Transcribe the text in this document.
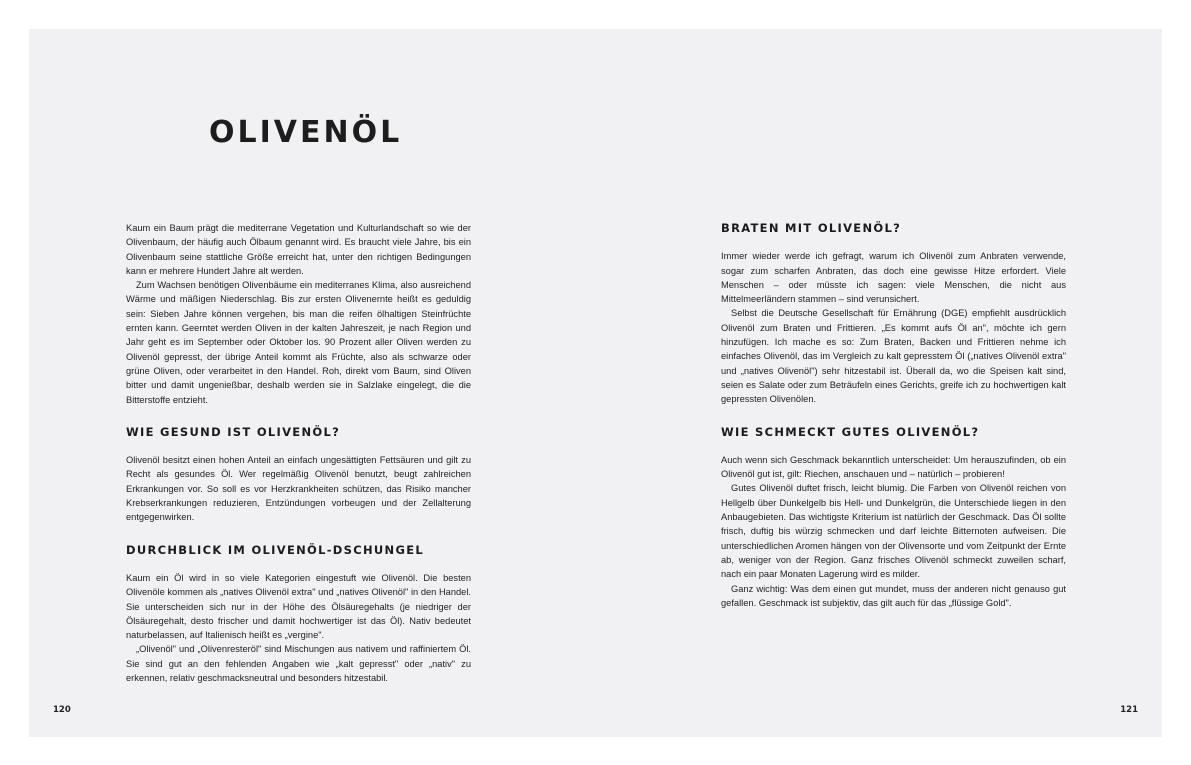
OLIVENÖL

Kaum ein Baum prägt die mediterrane Vegetation und Kulturlandschaft so wie der Olivenbaum, der häufig auch Ölbaum genannt wird. Es braucht viele Jahre, bis ein Olivenbaum seine stattliche Größe erreicht hat, unter den richtigen Bedingungen kann er mehrere Hundert Jahre alt werden.

Zum Wachsen benötigen Olivenbäume ein mediterranes Klima, also ausreichend Wärme und mäßigen Niederschlag. Bis zur ersten Olivenernte heißt es geduldig sein: Sieben Jahre können vergehen, bis man die reifen ölhaltigen Steinfrüchte ernten kann. Geerntet werden Oliven in der kalten Jahreszeit, je nach Region und Jahr geht es im September oder Oktober los. 90 Prozent aller Oliven werden zu Olivenöl gepresst, der übrige Anteil kommt als Früchte, also als schwarze oder grüne Oliven, oder verarbeitet in den Handel. Roh, direkt vom Baum, sind Oliven bitter und damit ungenießbar, deshalb werden sie in Salzlake eingelegt, die die Bitterstoffe entzieht.

WIE GESUND IST OLIVENÖL?

Olivenöl besitzt einen hohen Anteil an einfach ungesättigten Fettsäuren und gilt zu Recht als gesundes Öl. Wer regelmäßig Olivenöl benutzt, beugt zahlreichen Erkrankungen vor. So soll es vor Herzkrankheiten schützen, das Risiko mancher Krebserkrankungen reduzieren, Entzündungen vorbeugen und der Zellalterung entgegenwirken.

DURCHBLICK IM OLIVENÖL-DSCHUNGEL

Kaum ein Öl wird in so viele Kategorien eingestuft wie Olivenöl. Die besten Olivenöle kommen als „natives Olivenöl extra" und „natives Olivenöl" in den Handel. Sie unterscheiden sich nur in der Höhe des Ölsäuregehalts (je niedriger der Ölsäuregehalt, desto frischer und damit hochwertiger ist das Öl). Nativ bedeutet naturbelassen, auf Italienisch heißt es „vergine".

„Olivenöl" und „Olivenresteröl" sind Mischungen aus nativem und raffiniertem Öl. Sie sind gut an den fehlenden Angaben wie „kalt gepresst" oder „nativ" zu erkennen, relativ geschmacksneutral und besonders hitzestabil.

BRATEN MIT OLIVENÖL?

Immer wieder werde ich gefragt, warum ich Olivenöl zum Anbraten verwende, sogar zum scharfen Anbraten, das doch eine gewisse Hitze erfordert. Viele Menschen – oder müsste ich sagen: viele Menschen, die nicht aus Mittelmeerländern stammen – sind verunsichert.

Selbst die Deutsche Gesellschaft für Ernährung (DGE) empfiehlt ausdrücklich Olivenöl zum Braten und Frittieren. „Es kommt aufs Öl an", möchte ich gern hinzufügen. Ich mache es so: Zum Braten, Backen und Frittieren nehme ich einfaches Olivenöl, das im Vergleich zu kalt gepresstem Öl („natives Olivenöl extra" und „natives Olivenöl") sehr hitzestabil ist. Überall da, wo die Speisen kalt sind, seien es Salate oder zum Beträufeln eines Gerichts, greife ich zu hochwertigen kalt gepressten Olivenölen.

WIE SCHMECKT GUTES OLIVENÖL?

Auch wenn sich Geschmack bekanntlich unterscheidet: Um herauszufinden, ob ein Olivenöl gut ist, gilt: Riechen, anschauen und – natürlich – probieren!

Gutes Olivenöl duftet frisch, leicht blumig. Die Farben von Olivenöl reichen von Hellgelb über Dunkelgelb bis Hell- und Dunkelgrün, die Unterschiede liegen in den Anbaugebieten. Das wichtigste Kriterium ist natürlich der Geschmack. Das Öl sollte frisch, duftig bis würzig schmecken und darf leichte Bitternoten aufweisen. Die unterschiedlichen Aromen hängen von der Olivensorte und vom Zeitpunkt der Ernte ab, weniger von der Region. Ganz frisches Olivenöl schmeckt zuweilen scharf, nach ein paar Monaten Lagerung wird es milder.

Ganz wichtig: Was dem einen gut mundet, muss der anderen nicht genauso gut gefallen. Geschmack ist subjektiv, das gilt auch für das „flüssige Gold".

120	121
